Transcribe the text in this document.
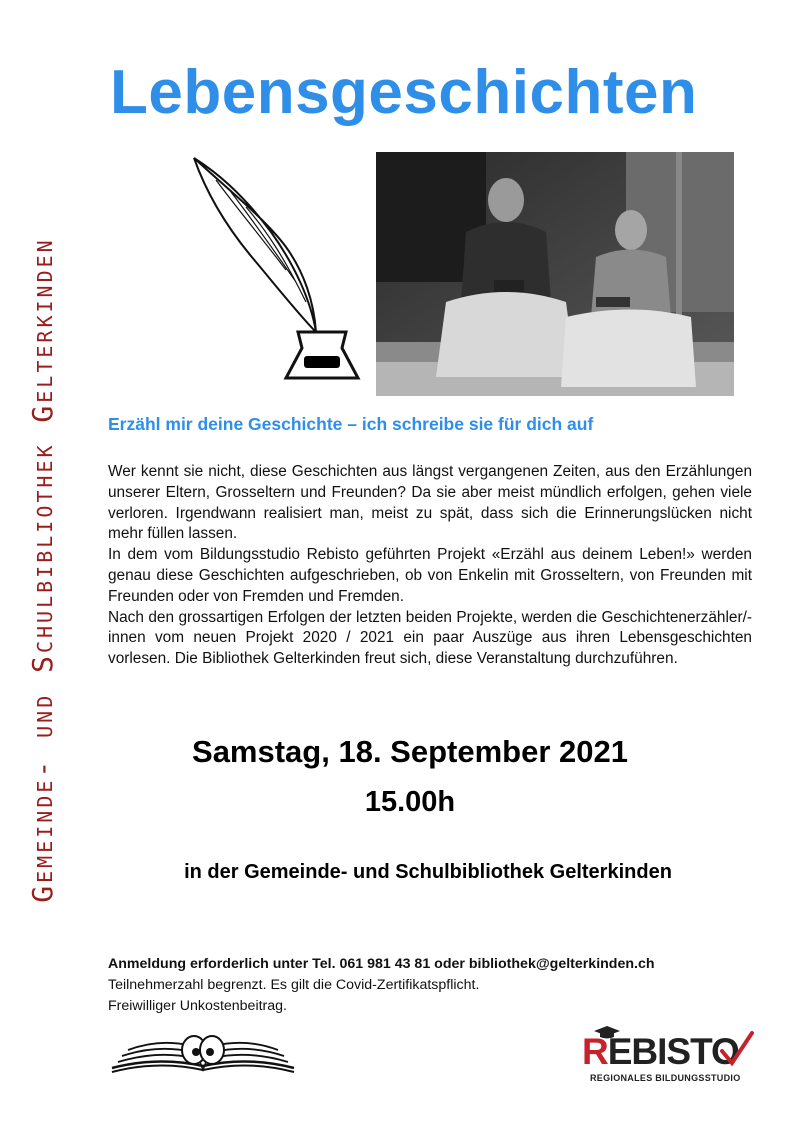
Gemeinde- und Schulbibliothek Gelterkinden
Lebensgeschichten
Erzähl mir deine Geschichte – ich schreibe sie für dich auf

Wer kennt sie nicht, diese Geschichten aus längst vergangenen Zeiten, aus den Erzählungen unserer Eltern, Grosseltern und Freunden? Da sie aber meist mündlich erfolgen, gehen viele verloren. Irgendwann realisiert man, meist zu spät, dass sich die Erinnerungslücken nicht mehr füllen lassen.

In dem vom Bildungsstudio Rebisto geführten Projekt «Erzähl aus deinem Leben!» werden genau diese Geschichten aufgeschrieben, ob von Enkelin mit Grosseltern, von Freunden mit Freunden oder von Fremden und Fremden.

Nach den grossartigen Erfolgen der letzten beiden Projekte, werden die Geschichtenerzähler/-innen vom neuen Projekt 2020 / 2021 ein paar Auszüge aus ihren Lebensgeschichten vorlesen. Die Bibliothek Gelterkinden freut sich, diese Veranstaltung durchzuführen.

Samstag, 18. September 2021
15.00h
in der Gemeinde- und Schulbibliothek Gelterkinden
Anmeldung erforderlich unter Tel. 061 981 43 81 oder bibliothek@gelterkinden.ch
Teilnehmerzahl begrenzt. Es gilt die Covid-Zertifikatspflicht.
Freiwilliger Unkostenbeitrag.
REBISTO
REGIONALES BILDUNGSSTUDIO
